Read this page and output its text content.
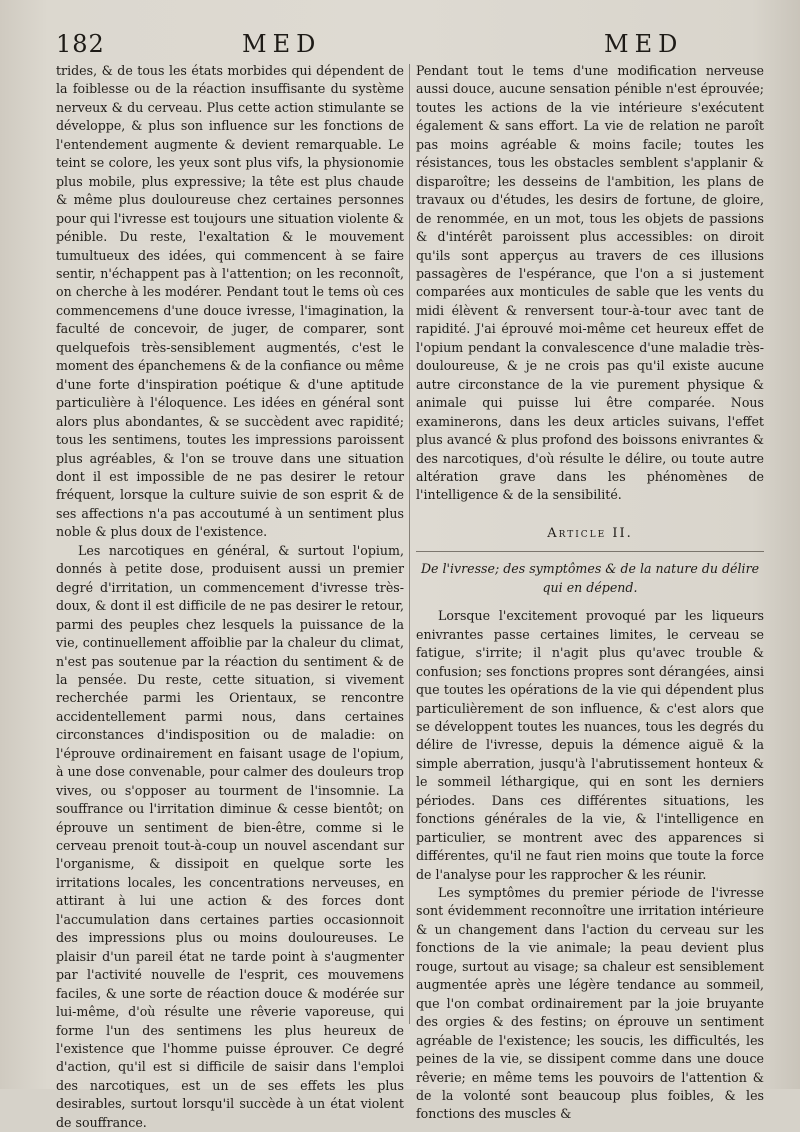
182	MED	MED

trides, & de tous les états morbides qui dépendent de la foiblesse ou de la réaction insuffisante du système nerveux & du cerveau. Plus cette action stimulante se développe, & plus son influence sur les fonctions de l'entendement augmente & devient remarquable. Le teint se colore, les yeux sont plus vifs, la physionomie plus mobile, plus expressive; la tête est plus chaude & même plus douloureuse chez certaines personnes pour qui l'ivresse est toujours une situation violente & pénible. Du reste, l'exaltation & le mouvement tumultueux des idées, qui commencent à se faire sentir, n'échappent pas à l'attention; on les reconnoît, on cherche à les modérer. Pendant tout le tems où ces commencemens d'une douce ivresse, l'imagination, la faculté de concevoir, de juger, de comparer, sont quelquefois très-sensiblement augmentés, c'est le moment des épanchemens & de la confiance ou même d'une forte d'inspiration poétique & d'une aptitude particulière à l'éloquence. Les idées en général sont alors plus abondantes, & se succèdent avec rapidité; tous les sentimens, toutes les impressions paroissent plus agréables, & l'on se trouve dans une situation dont il est impossible de ne pas desirer le retour fréquent, lorsque la culture suivie de son esprit & de ses affections n'a pas accoutumé à un sentiment plus noble & plus doux de l'existence.

Les narcotiques en général, & surtout l'opium, donnés à petite dose, produisent aussi un premier degré d'irritation, un commencement d'ivresse très-doux, & dont il est difficile de ne pas desirer le retour, parmi des peuples chez lesquels la puissance de la vie, continuellement affoiblie par la chaleur du climat, n'est pas soutenue par la réaction du sentiment & de la pensée. Du reste, cette situation, si vivement recherchée parmi les Orientaux, se rencontre accidentellement parmi nous, dans certaines circonstances d'indisposition ou de maladie: on l'éprouve ordinairement en faisant usage de l'opium, à une dose convenable, pour calmer des douleurs trop vives, ou s'opposer au tourment de l'insomnie. La souffrance ou l'irritation diminue & cesse bientôt; on éprouve un sentiment de bien-être, comme si le cerveau prenoit tout-à-coup un nouvel ascendant sur l'organisme, & dissipoit en quelque sorte les irritations locales, les concentrations nerveuses, en attirant à lui une action & des forces dont l'accumulation dans certaines parties occasionnoit des impressions plus ou moins douloureuses. Le plaisir d'un pareil état ne tarde point à s'augmenter par l'activité nouvelle de l'esprit, ces mouvemens faciles, & une sorte de réaction douce & modérée sur lui-même, d'où résulte une rêverie vaporeuse, qui forme l'un des sentimens les plus heureux de l'existence que l'homme puisse éprouver. Ce degré d'action, qu'il est si difficile de saisir dans l'emploi des narcotiques, est un de ses effets les plus desirables, surtout lorsqu'il succède à un état violent de souffrance.

Pendant tout le tems d'une modification nerveuse aussi douce, aucune sensation pénible n'est éprouvée; toutes les actions de la vie intérieure s'exécutent également & sans effort. La vie de relation ne paroît pas moins agréable & moins facile; toutes les résistances, tous les obstacles semblent s'applanir & disparoître; les desseins de l'ambition, les plans de travaux ou d'études, les desirs de fortune, de gloire, de renommée, en un mot, tous les objets de passions & d'intérêt paroissent plus accessibles: on diroit qu'ils sont apperçus au travers de ces illusions passagères de l'espérance, que l'on a si justement comparées aux monticules de sable que les vents du midi élèvent & renversent tour-à-tour avec tant de rapidité. J'ai éprouvé moi-même cet heureux effet de l'opium pendant la convalescence d'une maladie très-douloureuse, & je ne crois pas qu'il existe aucune autre circonstance de la vie purement physique & animale qui puisse lui être comparée. Nous examinerons, dans les deux articles suivans, l'effet plus avancé & plus profond des boissons enivrantes & des narcotiques, d'où résulte le délire, ou toute autre altération grave dans les phénomènes de l'intelligence & de la sensibilité.

Article II.
De l'ivresse; des symptômes & de la nature du délire qui en dépend.

Lorsque l'excitement provoqué par les liqueurs enivrantes passe certaines limites, le cerveau se fatigue, s'irrite; il n'agit plus qu'avec trouble & confusion; ses fonctions propres sont dérangées, ainsi que toutes les opérations de la vie qui dépendent plus particulièrement de son influence, & c'est alors que se développent toutes les nuances, tous les degrés du délire de l'ivresse, depuis la démence aiguë & la simple aberration, jusqu'à l'abrutissement honteux & le sommeil léthargique, qui en sont les derniers périodes. Dans ces différentes situations, les fonctions générales de la vie, & l'intelligence en particulier, se montrent avec des apparences si différentes, qu'il ne faut rien moins que toute la force de l'analyse pour les rapprocher & les réunir.

Les symptômes du premier période de l'ivresse sont évidemment reconnoître une irritation intérieure & un changement dans l'action du cerveau sur les fonctions de la vie animale; la peau devient plus rouge, surtout au visage; sa chaleur est sensiblement augmentée après une légère tendance au sommeil, que l'on combat ordinairement par la joie bruyante des orgies & des festins; on éprouve un sentiment agréable de l'existence; les soucis, les difficultés, les peines de la vie, se dissipent comme dans une douce rêverie; en même tems les pouvoirs de l'attention & de la volonté sont beaucoup plus foibles, & les fonctions des muscles &
